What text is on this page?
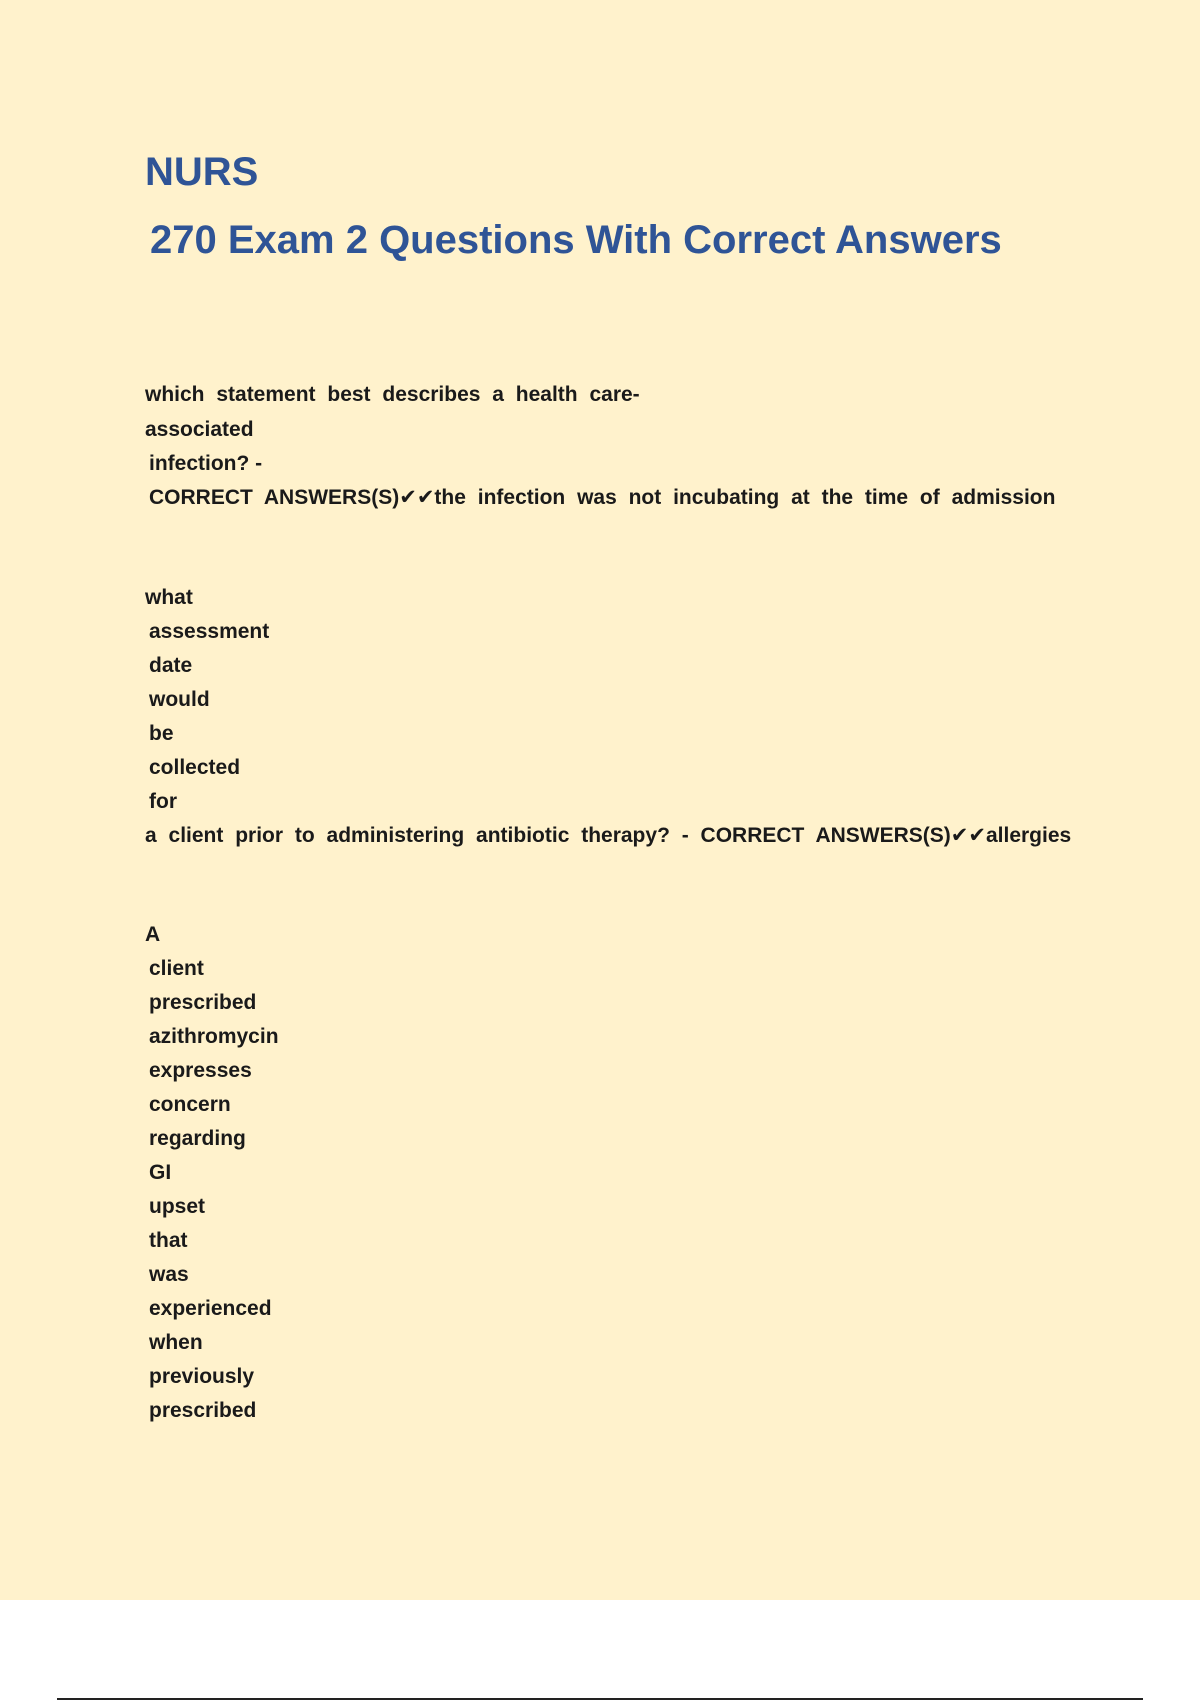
NURS
270 Exam 2 Questions With Correct Answers
which statement best describes a health care-
associated
infection? -
CORRECT ANSWERS(S)✔✔the infection was not incubating at the time of admission
what
assessment
date
would
be
collected
for
a client prior to administering antibiotic therapy? - CORRECT ANSWERS(S)✔✔allergies
A
client
prescribed
azithromycin
expresses
concern
regarding
GI
upset
that
was
experienced
when
previously
prescribed
